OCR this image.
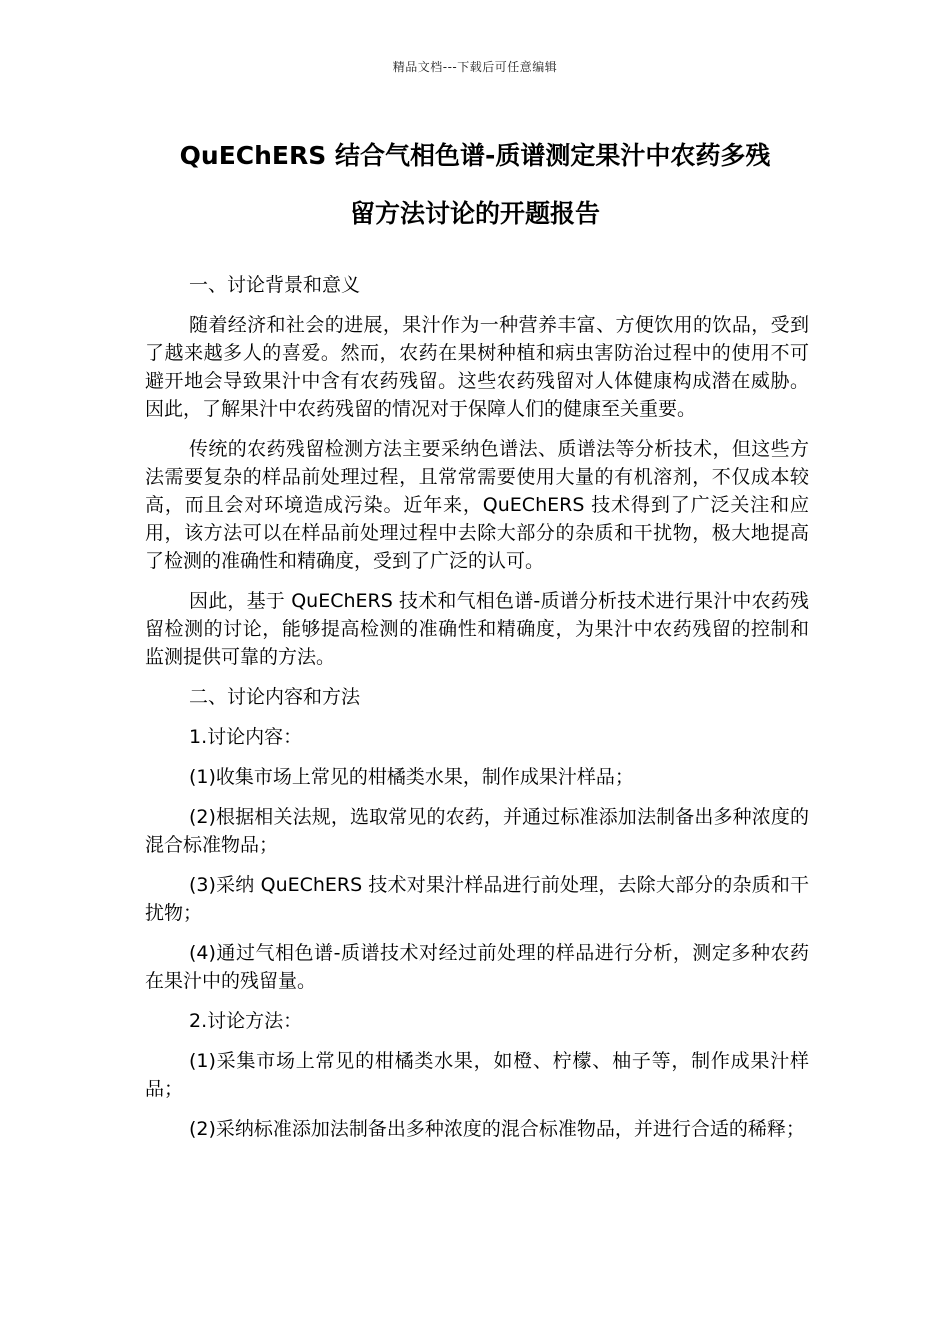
精品文档---下载后可任意编辑
QuEChERS 结合气相色谱-质谱测定果汁中农药多残
留方法讨论的开题报告

一、讨论背景和意义

随着经济和社会的进展，果汁作为一种营养丰富、方便饮用的饮品，受到了越来越多人的喜爱。然而，农药在果树种植和病虫害防治过程中的使用不可避开地会导致果汁中含有农药残留。这些农药残留对人体健康构成潜在威胁。因此，了解果汁中农药残留的情况对于保障人们的健康至关重要。

传统的农药残留检测方法主要采纳色谱法、质谱法等分析技术，但这些方法需要复杂的样品前处理过程，且常常需要使用大量的有机溶剂，不仅成本较高，而且会对环境造成污染。近年来，QuEChERS 技术得到了广泛关注和应用，该方法可以在样品前处理过程中去除大部分的杂质和干扰物，极大地提高了检测的准确性和精确度，受到了广泛的认可。

因此，基于 QuEChERS 技术和气相色谱-质谱分析技术进行果汁中农药残留检测的讨论，能够提高检测的准确性和精确度，为果汁中农药残留的控制和监测提供可靠的方法。

二、讨论内容和方法

1.讨论内容：

(1)收集市场上常见的柑橘类水果，制作成果汁样品；

(2)根据相关法规，选取常见的农药，并通过标准添加法制备出多种浓度的混合标准物品；

(3)采纳 QuEChERS 技术对果汁样品进行前处理，去除大部分的杂质和干扰物；

(4)通过气相色谱-质谱技术对经过前处理的样品进行分析，测定多种农药在果汁中的残留量。

2.讨论方法：

(1)采集市场上常见的柑橘类水果，如橙、柠檬、柚子等，制作成果汁样品；

(2)采纳标准添加法制备出多种浓度的混合标准物品，并进行合适的稀释；
